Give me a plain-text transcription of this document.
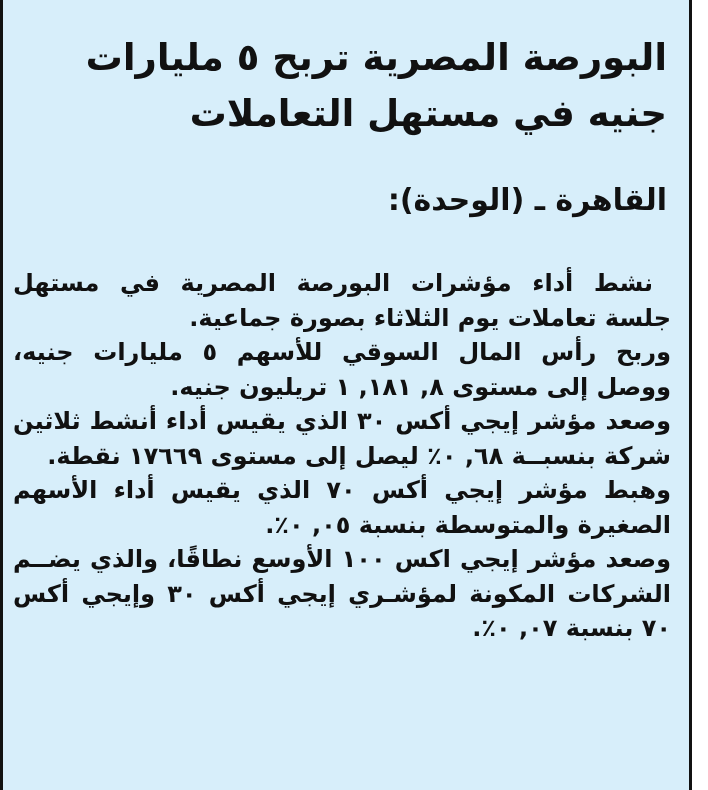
البورصة المصرية تربح ٥ مليارات جنيه في مستهل التعاملات
القاهرة ـ (الوحدة):

نشط أداء مؤشرات البورصة المصرية في مستهل جلسة تعاملات يوم الثلاثاء بصورة جماعية.

وربح رأس المال السوقي للأسهم ٥ مليارات جنيه، ووصل إلى مستوى ٨, ١٨١, ١ تريليون جنيه.

وصعد مؤشر إيجي أكس ٣٠ الذي يقيس أداء أنشط ثلاثين شركة بنسبــة ٦٨, ٠٪ ليصل إلى مستوى ١٧٦٦٩ نقطة.

وهبط مؤشر إيجي أكس ٧٠ الذي يقيس أداء الأسهم الصغيرة والمتوسطة بنسبة ٠٥, ٠٪.

وصعد مؤشر إيجي اكس ١٠٠ الأوسع نطاقًا، والذي يضــم الشركات المكونة لمؤشـري إيجي أكس ٣٠ وإيجي أكس ٧٠ بنسبة ٠٧, ٠٪.
